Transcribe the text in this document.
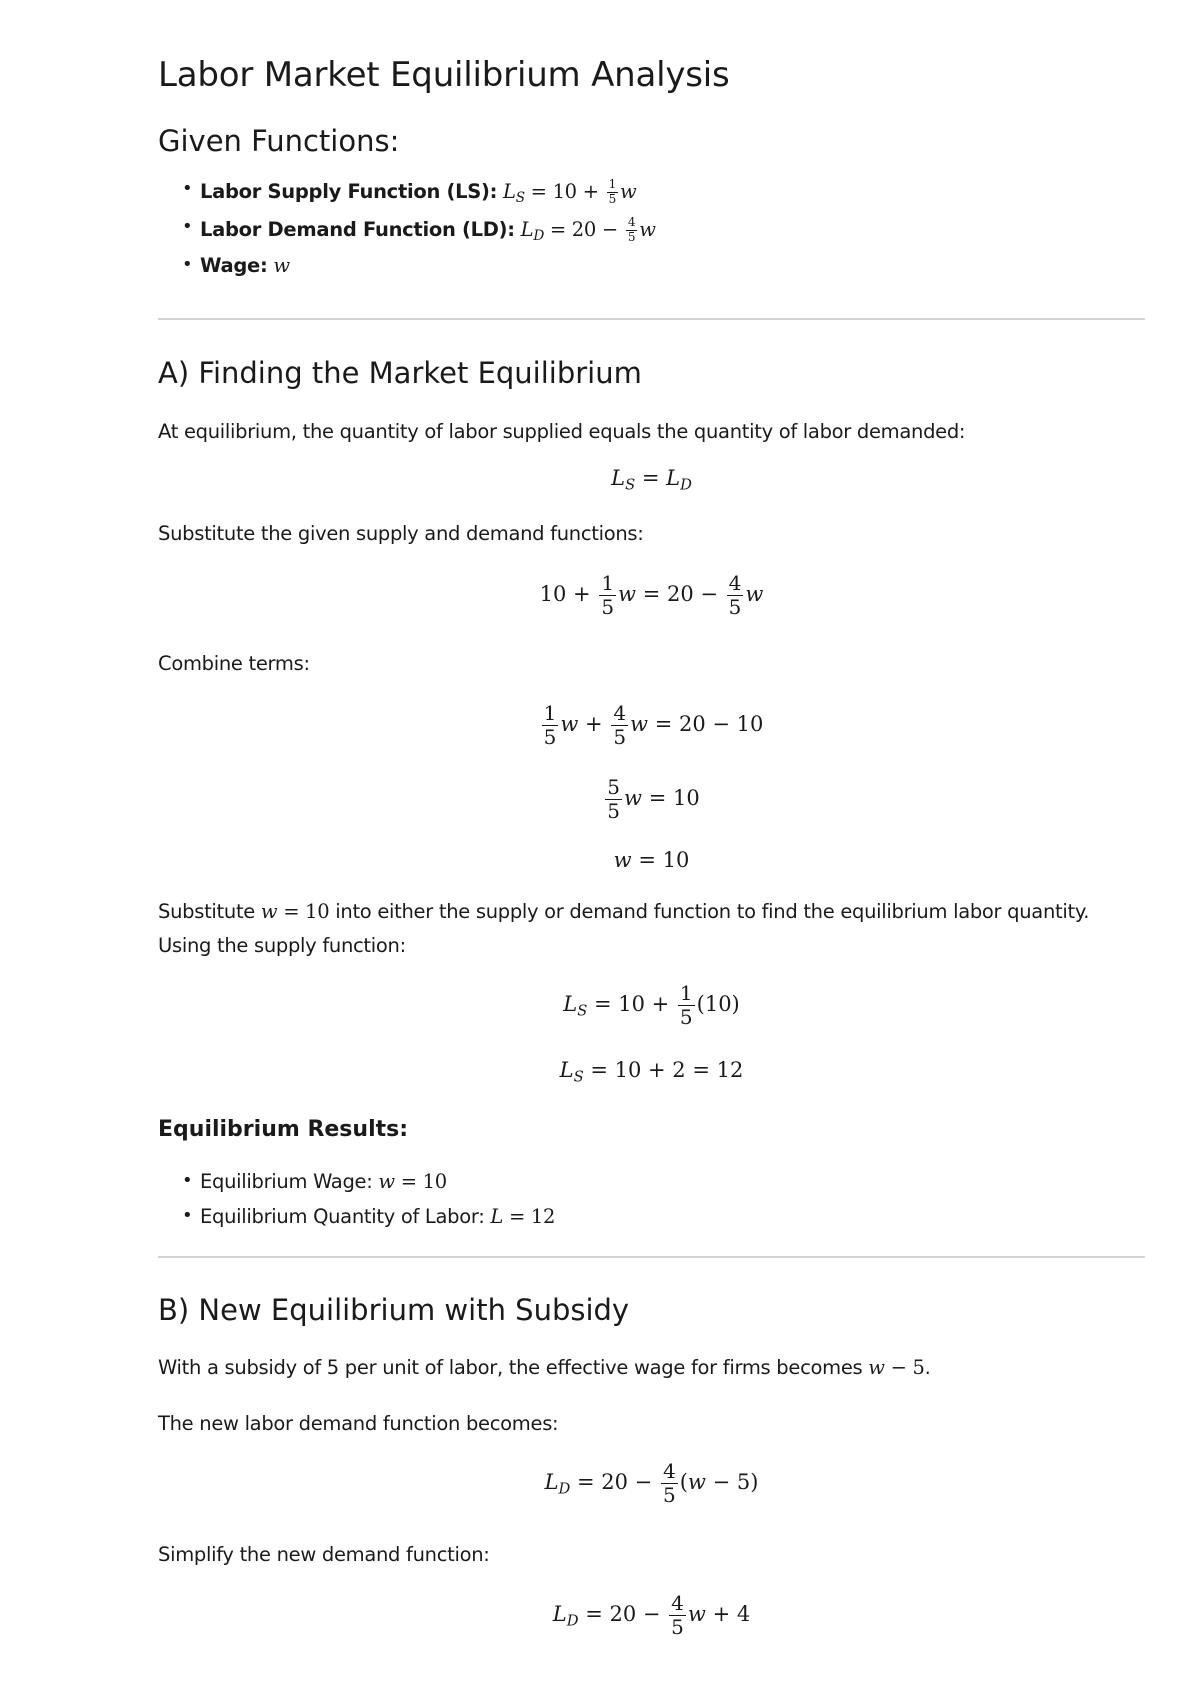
Labor Market Equilibrium Analysis
Given Functions:
• Labor Supply Function (LS): $L_S = 10 + \frac{1}{5}$ w
• Labor Demand Function (LD): $L_D = 20 - \frac{4}{5}$ w
• Wage: w
A) Finding the Market Equilibrium

At equilibrium, the quantity of labor supplied equals the quantity of labor demanded:

$L_S = L_D$

Substitute the given supply and demand functions:

$10 + \frac{1}{5}$ $w = 20 - \frac{4}{5}$ w

Combine terms:

$\frac{1}{5}$ $w + \frac{4}{5}$ w = 20 − 10
$\frac{5}{5}$ w = 10
w = 10

Substitute w = 10 into either the supply or demand function to find the equilibrium labor quantity.

Using the supply function:

$L_S = 10 + \frac{1}{5} (10)$
$L_S = 10 + 2 = 12$
Equilibrium Results:
• Equilibrium Wage: w = 10
• Equilibrium Quantity of Labor: L = 12
B) New Equilibrium with Subsidy

With a subsidy of 5 per unit of labor, the effective wage for firms becomes w − 5.

The new labor demand function becomes:

$L_D = 20 - \frac{4}{5} (w - 5)$

Simplify the new demand function:

$L_D = 20 - \frac{4}{5}$ w + 4
